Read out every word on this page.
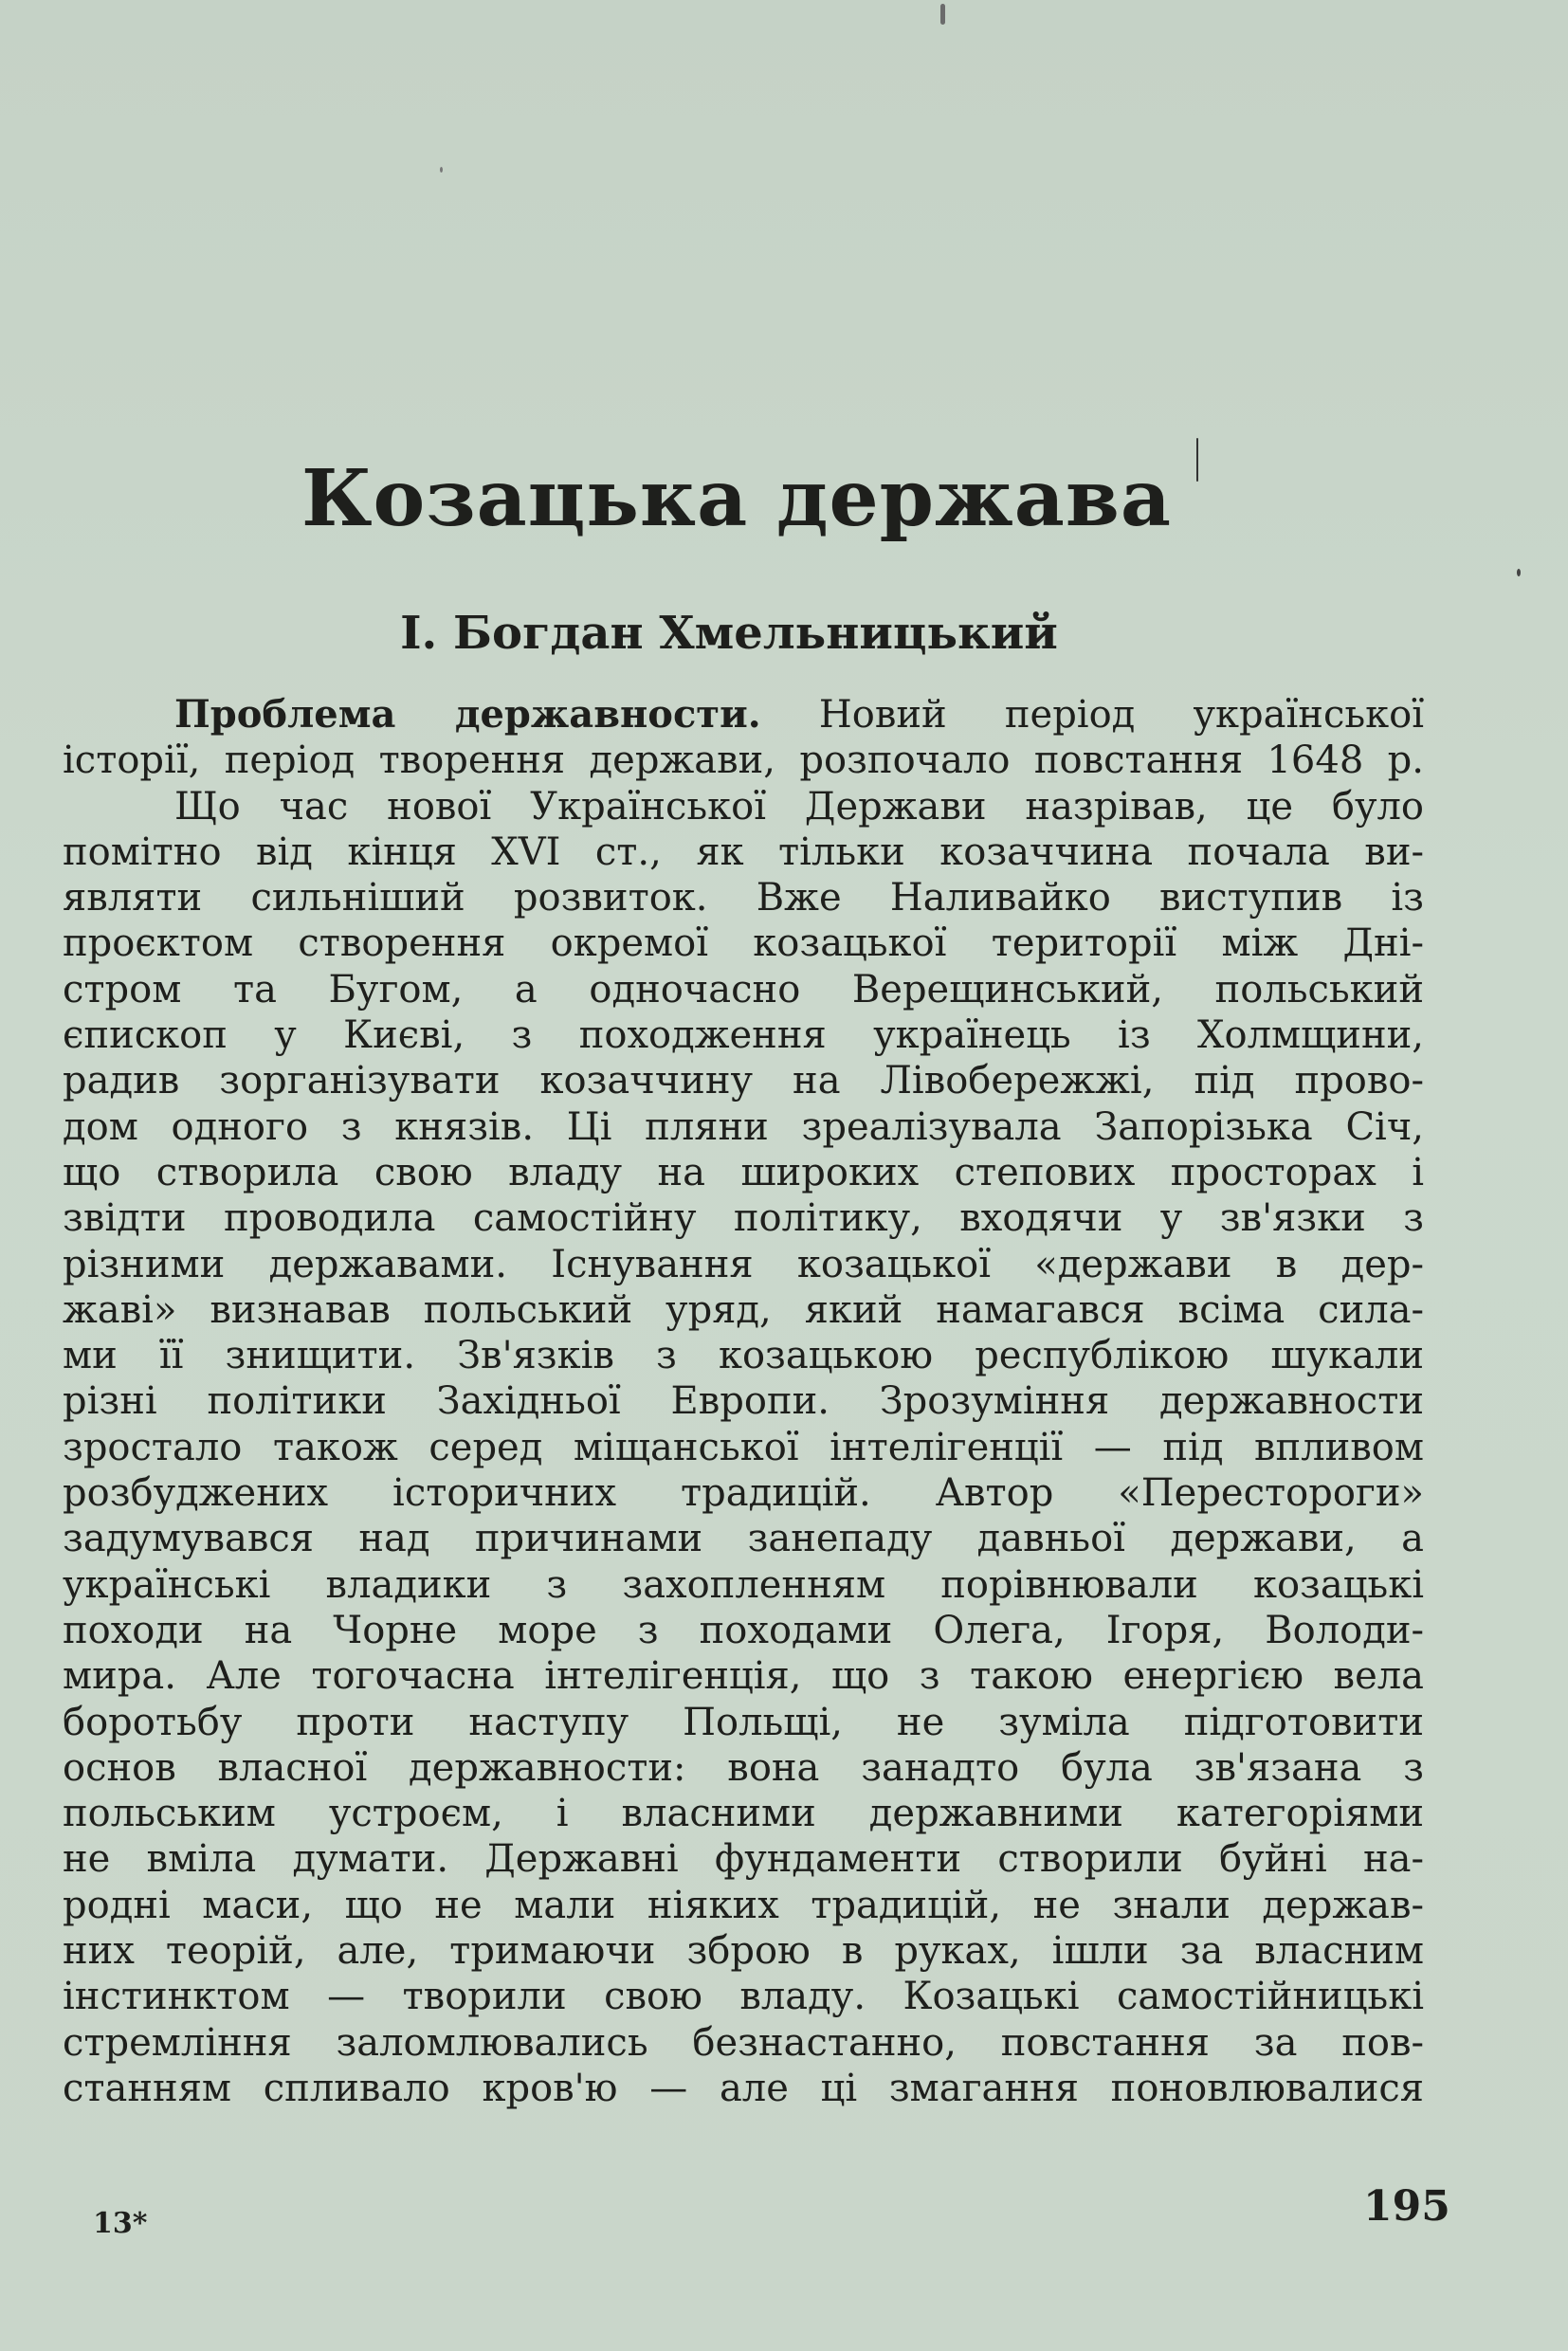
Козацька держава
I. Богдан Хмельницький
Проблема державности. Новий період української
історії, період творення держави, розпочало повстання 1648 р.
Що час нової Української Держави назрівав, це було
помітно від кінця XVI ст., як тільки козаччина почала ви-
являти сильніший розвиток. Вже Наливайко виступив із
проєктом створення окремої козацької території між Дні-
стром та Бугом, а одночасно Верещинський, польський
єпископ у Києві, з походження українець із Холмщини,
радив зорганізувати козаччину на Лівобережжі, під прово-
дом одного з князів. Ці пляни зреалізувала Запорізька Січ,
що створила свою владу на широких степових просторах і
звідти проводила самостійну політику, входячи у зв'язки з
різними державами. Існування козацької «держави в дер-
жаві» визнавав польський уряд, який намагався всіма сила-
ми її знищити. Зв'язків з козацькою республікою шукали
різні політики Західньої Европи. Зрозуміння державности
зростало також серед міщанської інтелігенції — під впливом
розбуджених історичних традицій. Автор «Перестороги»
задумувався над причинами занепаду давньої держави, а
українські владики з захопленням порівнювали козацькі
походи на Чорне море з походами Олега, Ігоря, Володи-
мира. Але тогочасна інтелігенція, що з такою енергією вела
боротьбу проти наступу Польщі, не зуміла підготовити
основ власної державности: вона занадто була зв'язана з
польським устроєм, і власними державними категоріями
не вміла думати. Державні фундаменти створили буйні на-
родні маси, що не мали ніяких традицій, не знали держав-
них теорій, але, тримаючи зброю в руках, ішли за власним
інстинктом — творили свою владу. Козацькі самостійницькі
стремління заломлювались безнастанно, повстання за пов-
станням спливало кров'ю — але ці змагання поновлювалися
13*	195
